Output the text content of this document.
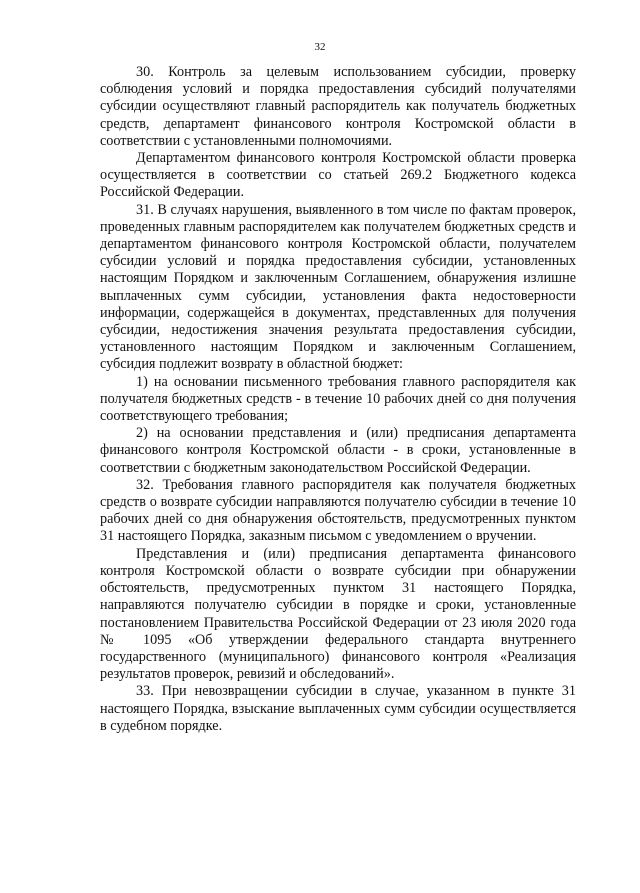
32

30. Контроль за целевым использованием субсидии, проверку соблюдения условий и порядка предоставления субсидий получателями субсидии осуществляют главный распорядитель как получатель бюджетных средств, департамент финансового контроля Костромской области в соответствии с установленными полномочиями.

Департаментом финансового контроля Костромской области проверка осуществляется в соответствии со статьей 269.2 Бюджетного кодекса Российской Федерации.

31. В случаях нарушения, выявленного в том числе по фактам проверок, проведенных главным распорядителем как получателем бюджетных средств и департаментом финансового контроля Костромской области, получателем субсидии условий и порядка предоставления субсидии, установленных настоящим Порядком и заключенным Соглашением, обнаружения излишне выплаченных сумм субсидии, установления факта недостоверности информации, содержащейся в документах, представленных для получения субсидии, недостижения значения результата предоставления субсидии, установленного настоящим Порядком и заключенным Соглашением, субсидия подлежит возврату в областной бюджет:

1) на основании письменного требования главного распорядителя как получателя бюджетных средств - в течение 10 рабочих дней со дня получения соответствующего требования;

2) на основании представления и (или) предписания департамента финансового контроля Костромской области - в сроки, установленные в соответствии с бюджетным законодательством Российской Федерации.

32. Требования главного распорядителя как получателя бюджетных средств о возврате субсидии направляются получателю субсидии в течение 10 рабочих дней со дня обнаружения обстоятельств, предусмотренных пунктом 31 настоящего Порядка, заказным письмом с уведомлением о вручении.

Представления и (или) предписания департамента финансового контроля Костромской области о возврате субсидии при обнаружении обстоятельств, предусмотренных пунктом 31 настоящего Порядка, направляются получателю субсидии в порядке и сроки, установленные постановлением Правительства Российской Федерации от 23 июля 2020 года № 1095 «Об утверждении федерального стандарта внутреннего государственного (муниципального) финансового контроля «Реализация результатов проверок, ревизий и обследований».

33. При невозвращении субсидии в случае, указанном в пункте 31 настоящего Порядка, взыскание выплаченных сумм субсидии осуществляется в судебном порядке.
